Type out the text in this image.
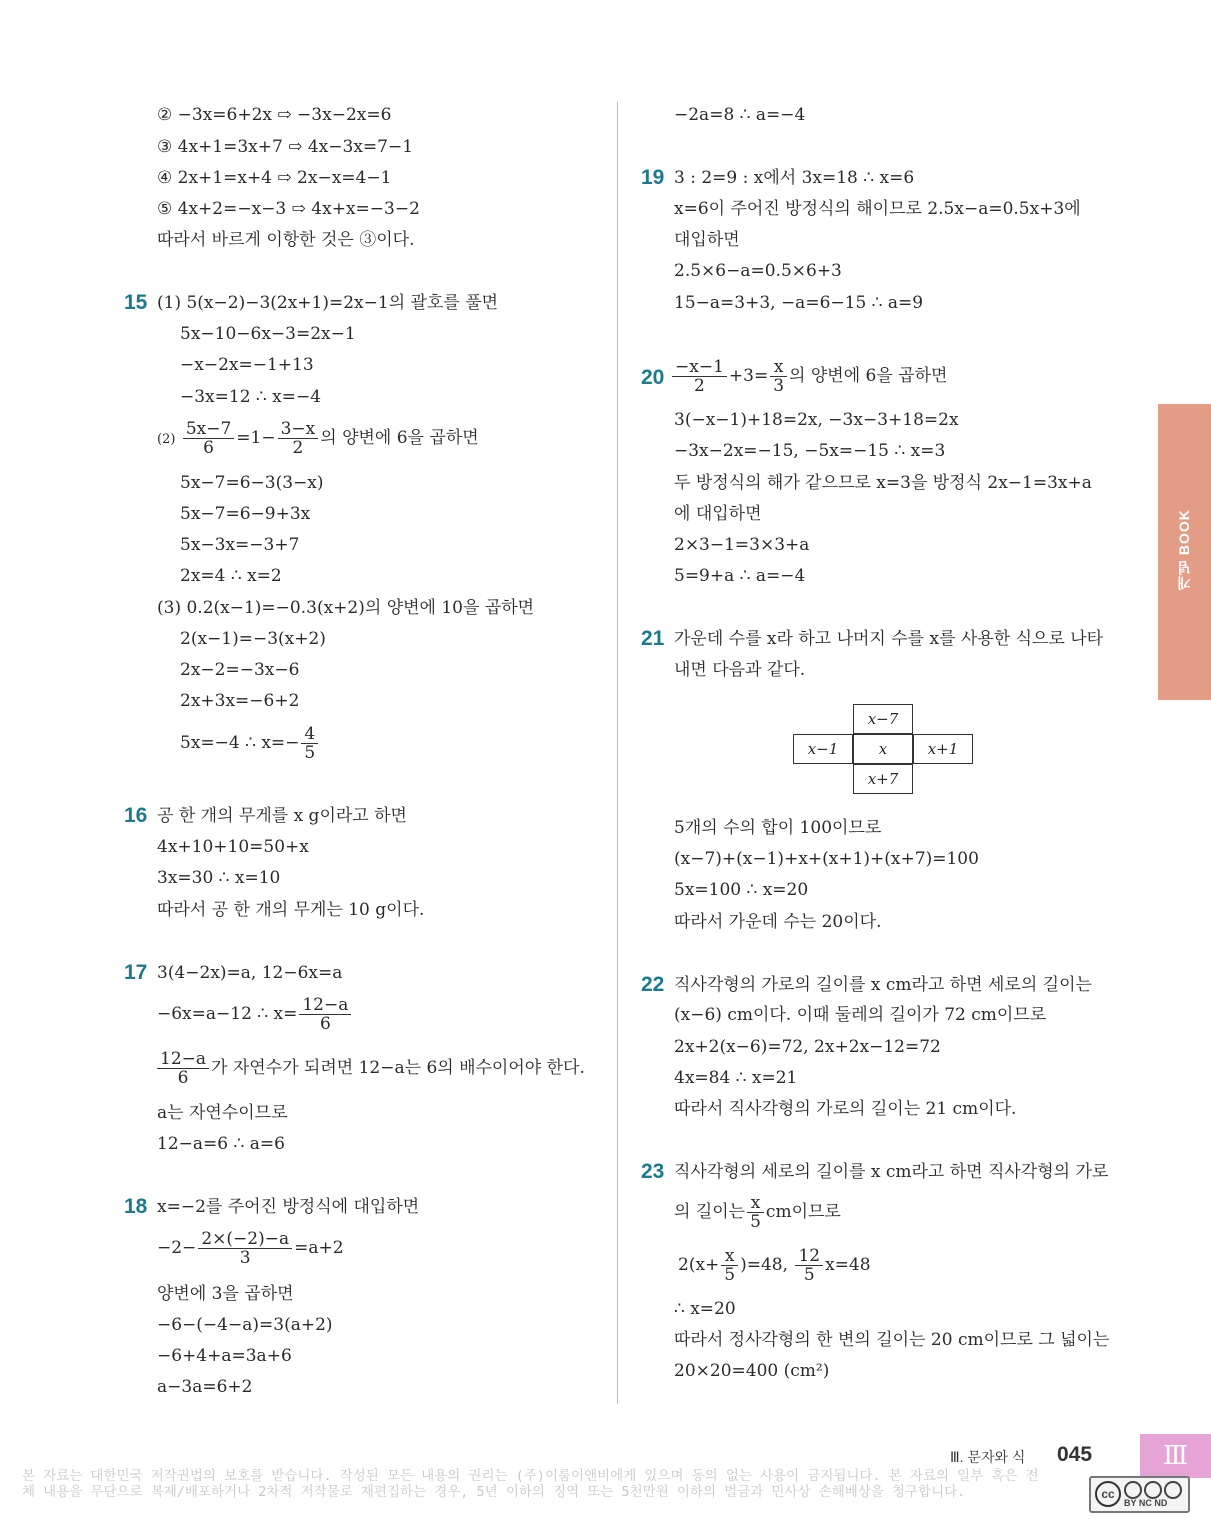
② −3x=6+2x ⇨ −3x−2x=6
③ 4x+1=3x+7 ⇨ 4x−3x=7−1
④ 2x+1=x+4 ⇨ 2x−x=4−1
⑤ 4x+2=−x−3 ⇨ 4x+x=−3−2
따라서 바르게 이항한 것은 ③이다.
15 (1) 5(x−2)−3(2x+1)=2x−1의 괄호를 풀면
5x−10−6x−3=2x−1
−x−2x=−1+13
−3x=12 ∴ x=−4
$(2) \frac{5x-7}{6} =1- \frac{3-x}{2}$ 의 양변에 6을 곱하면
5x−7=6−3(3−x)
5x−7=6−9+3x
5x−3x=−3+7
2x=4 ∴ x=2
(3) 0.2(x−1)=−0.3(x+2)의 양변에 10을 곱하면
2(x−1)=−3(x+2)
2x−2=−3x−6
2x+3x=−6+2
5x=−4 ∴ $x=- \frac{4}{5}$
16 공 한 개의 무게를 x g이라고 하면
4x+10+10=50+x
3x=30 ∴ x=10
따라서 공 한 개의 무게는 10 g이다.
17 3(4−2x)=a, 12−6x=a
−6x=a−12 ∴ $x= \frac{12-a}{6}$
$\frac{12-a}{6}$ 가 자연수가 되려면 12−a는 6의 배수이어야 한다.
a는 자연수이므로
12−a=6 ∴ a=6
18 x=−2를 주어진 방정식에 대입하면
$-2- \frac{2\times(-2)-a}{3} =a+2$
양변에 3을 곱하면
−6−(−4−a)=3(a+2)
−6+4+a=3a+6
a−3a=6+2
−2a=8 ∴ a=−4
19 3 : 2=9 : x에서 3x=18 ∴ x=6
x=6이 주어진 방정식의 해이므로 2.5x−a=0.5x+3에
대입하면
2.5×6−a=0.5×6+3
15−a=3+3, −a=6−15 ∴ a=9
$20 \frac{-x-1}{2} +3= \frac{x}{3}$ 의 양변에 6을 곱하면
3(−x−1)+18=2x, −3x−3+18=2x
−3x−2x=−15, −5x=−15 ∴ x=3
두 방정식의 해가 같으므로 x=3을 방정식 2x−1=3x+a
에 대입하면
2×3−1=3×3+a
5=9+a ∴ a=−4
21 가운데 수를 x라 하고 나머지 수를 x를 사용한 식으로 나타
내면 다음과 같다.
x−7
x−1	x	x+1
x+7
5개의 수의 합이 100이므로
(x−7)+(x−1)+x+(x+1)+(x+7)=100
5x=100 ∴ x=20
따라서 가운데 수는 20이다.
22 직사각형의 가로의 길이를 x cm라고 하면 세로의 길이는
(x−6) cm이다. 이때 둘레의 길이가 72 cm이므로
2x+2(x−6)=72, 2x+2x−12=72
4x=84 ∴ x=21
따라서 직사각형의 가로의 길이는 21 cm이다.
23 직사각형의 세로의 길이를 x cm라고 하면 직사각형의 가로
의 길이는 $\frac{x}{5}$ cm이므로
$2(x+ \frac{x}{5} )=48$, $\frac{12}{5} x=48$
∴ x=20
따라서 정사각형의 한 변의 길이는 20 cm이므로 그 넓이는
20×20=400 (cm²)
개념 BOOK
Ⅲ. 문자와 식 045	Ⅲ
본 자료는 대한민국 저작권법의 보호를 받습니다. 작성된 모든 내용의 권리는 (주)이룸이앤비에게 있으며 동의 없는 사용이 금지됩니다. 본 자료의 일부 혹은 전체 내용을 무단으로 복제/배포하거나 2차적 저작물로 재편집하는 경우, 5년 이하의 징역 또는 5천만원 이하의 벌금과 민사상 손해배상을 청구합니다.	cc
BY NC ND
